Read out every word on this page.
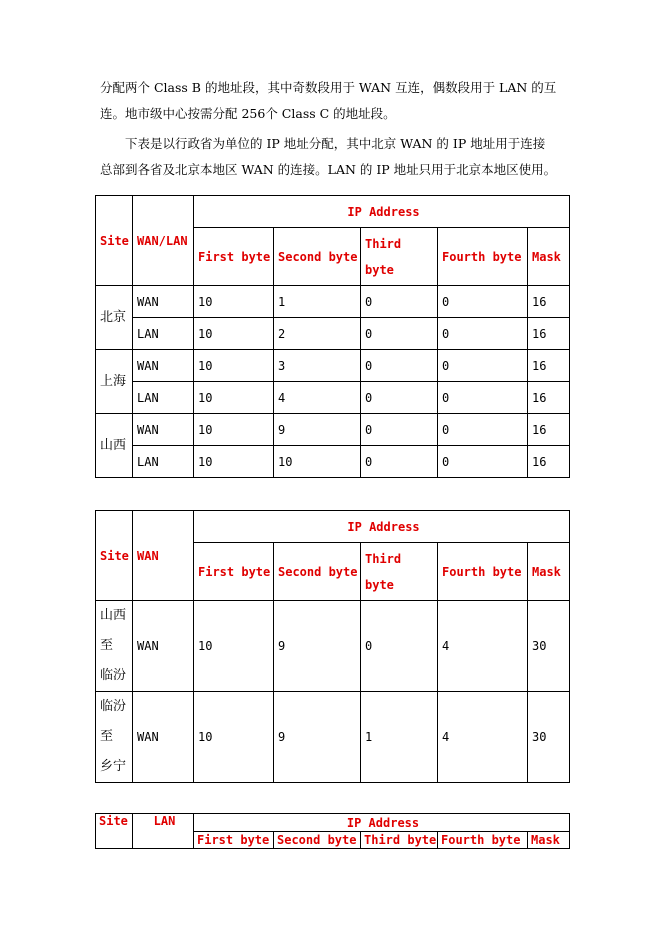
分配两个 Class B 的地址段，其中奇数段用于 WAN 互连，偶数段用于 LAN 的互
连。地市级中心按需分配 256个 Class C 的地址段。

下表是以行政省为单位的 IP 地址分配，其中北京 WAN 的 IP 地址用于连接
总部到各省及北京本地区 WAN 的连接。LAN 的 IP 地址只用于北京本地区使用。

Site	WAN/LAN	IP Address				
		First byte	Second byte	Third byte	Fourth byte	Mask
北京	WAN	10	1	0	0	16
	LAN	10	2	0	0	16
上海	WAN	10	3	0	0	16
	LAN	10	4	0	0	16
山西	WAN	10	9	0	0	16
	LAN	10	10	0	0	16
Site	WAN	IP Address				
		First byte	Second byte	Third byte	Fourth byte	Mask
山西
至
临汾	WAN	10	9	0	4	30
临汾
至
乡宁	WAN	10	9	1	4	30
Site	LAN	IP Address				
		First byte	Second byte	Third byte	Fourth byte	Mask
